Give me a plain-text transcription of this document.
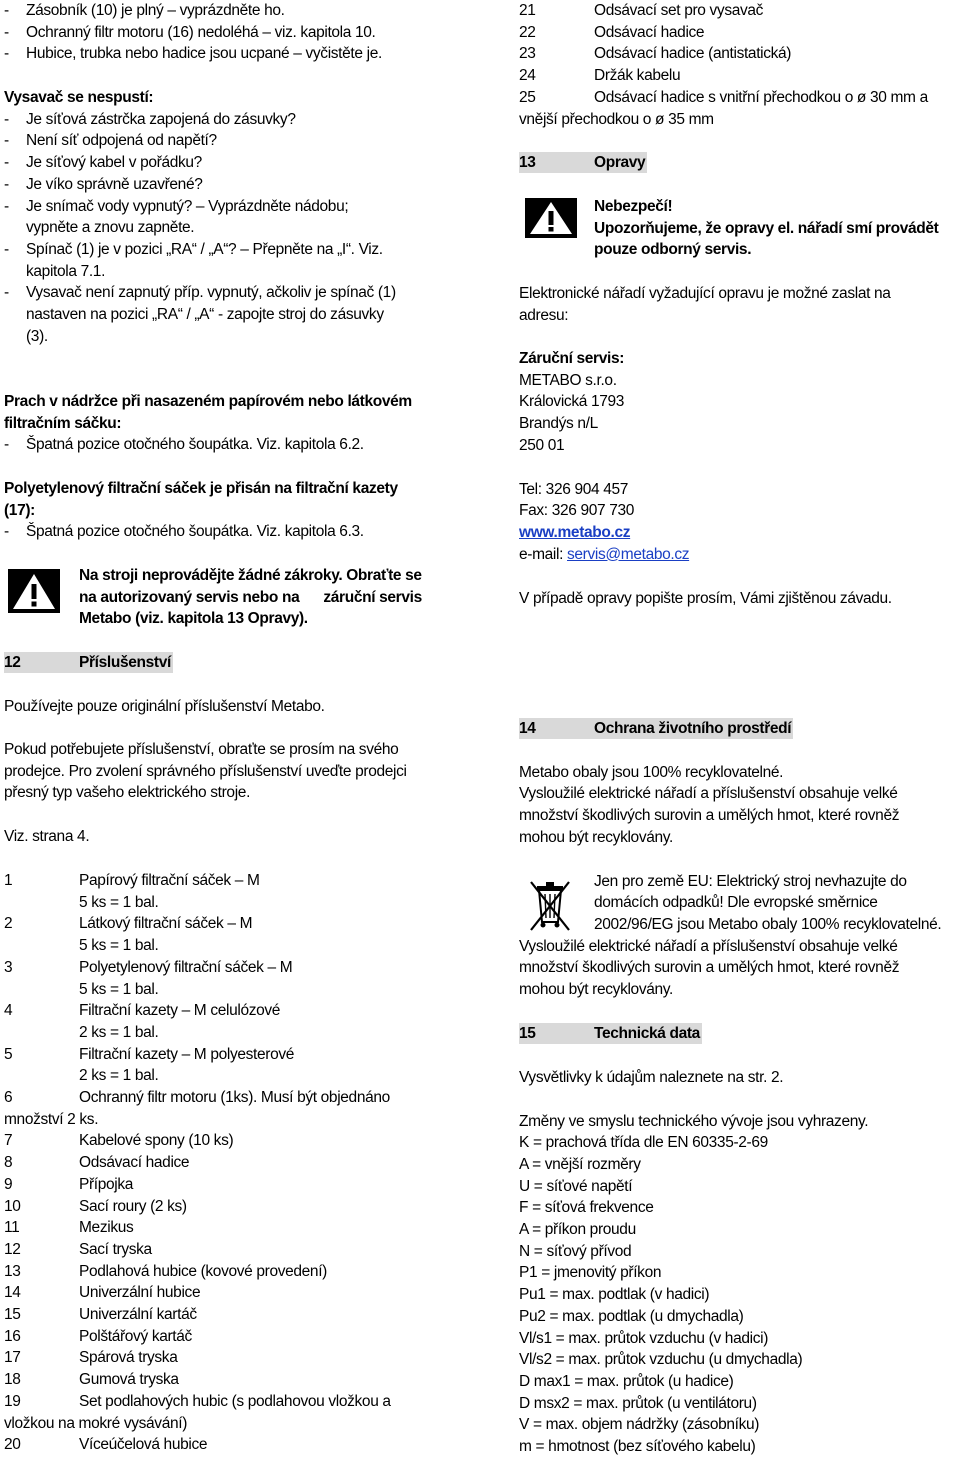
- Zásobník (10) je plný – vyprázdněte ho.
- Ochranný filtr motoru (16) nedoléhá – viz. kapitola 10.
- Hubice, trubka nebo hadice jsou ucpané – vyčistěte je.
Vysavač se nespustí:
- Je síťová zástrčka zapojená do zásuvky?
- Není síť odpojená od napětí?
- Je síťový kabel v pořádku?
- Je víko správně uzavřené?
- Je snímač vody vypnutý? – Vyprázdněte nádobu;
vypněte a znovu zapněte.
- Spínač (1) je v pozici „RA“ / „A“? – Přepněte na „I“. Viz.
kapitola 7.1.
- Vysavač není zapnutý příp. vypnutý, ačkoliv je spínač (1)
nastaven na pozici „RA“ / „A“ - zapojte stroj do zásuvky
(3).
Prach v nádržce při nasazeném papírovém nebo látkovém
filtračním sáčku:
- Špatná pozice otočného šoupátka. Viz. kapitola 6.2.
Polyetylenový filtrační sáček je přisán na filtrační kazety
(17):
- Špatná pozice otočného šoupátka. Viz. kapitola 6.3.
Na stroji neprovádějte žádné zákroky. Obraťte se
na autorizovaný servis nebo na záruční servis
Metabo (viz. kapitola 13 Opravy).
12	Příslušenství
Používejte pouze originální příslušenství Metabo.
Pokud potřebujete příslušenství, obraťte se prosím na svého
prodejce. Pro zvolení správného příslušenství uveďte prodejci
přesný typ vašeho elektrického stroje.
Viz. strana 4.
1	Papírový filtrační sáček – M
5 ks = 1 bal.
2	Látkový filtrační sáček – M
5 ks = 1 bal.
3	Polyetylenový filtrační sáček – M
5 ks = 1 bal.
4	Filtrační kazety – M celulózové
2 ks = 1 bal.
5	Filtrační kazety – M polyesterové
2 ks = 1 bal.
6	Ochranný filtr motoru (1ks). Musí být objednáno
množství 2 ks.
7	Kabelové spony (10 ks)
8	Odsávací hadice
9	Přípojka
10	Sací roury (2 ks)
11	Mezikus
12	Sací tryska
13	Podlahová hubice (kovové provedení)
14	Univerzální hubice
15	Univerzální kartáč
16	Polštářový kartáč
17	Spárová tryska
18	Gumová tryska
19	Set podlahových hubic (s podlahovou vložkou a
vložkou na mokré vysávání)
20	Víceúčelová hubice
21	Odsávací set pro vysavač
22	Odsávací hadice
23	Odsávací hadice (antistatická)
24	Držák kabelu
25	Odsávací hadice s vnitřní přechodkou o ø 30 mm a
vnější přechodkou o ø 35 mm
13	Opravy
Nebezpečí!
Upozorňujeme, že opravy el. nářadí smí provádět
pouze odborný servis.
Elektronické nářadí vyžadující opravu je možné zaslat na
adresu:
Záruční servis:
METABO s.r.o.
Královická 1793
Brandýs n/L
250 01
Tel: 326 904 457
Fax: 326 907 730
www.metabo.cz
e-mail: servis@metabo.cz
V případě opravy popište prosím, Vámi zjištěnou závadu.
14	Ochrana životního prostředí
Metabo obaly jsou 100% recyklovatelné.
Vysloužilé elektrické nářadí a příslušenství obsahuje velké
množství škodlivých surovin a umělých hmot, které rovněž
mohou být recyklovány.
Jen pro země EU: Elektrický stroj nevhazujte do
domácích odpadků! Dle evropské směrnice
2002/96/EG jsou Metabo obaly 100% recyklovatelné.
Vysloužilé elektrické nářadí a příslušenství obsahuje velké
množství škodlivých surovin a umělých hmot, které rovněž
mohou být recyklovány.
15	Technická data
Vysvětlivky k údajům naleznete na str. 2.
Změny ve smyslu technického vývoje jsou vyhrazeny.
K = prachová třída dle EN 60335-2-69
A = vnější rozměry
U = síťové napětí
F = síťová frekvence
A = příkon proudu
N = síťový přívod
P1 = jmenovitý příkon
Pu1 = max. podtlak (v hadici)
Pu2 = max. podtlak (u dmychadla)
Vl/s1 = max. průtok vzduchu (v hadici)
Vl/s2 = max. průtok vzduchu (u dmychadla)
D max1 = max. průtok (u hadice)
D msx2 = max. průtok (u ventilátoru)
V = max. objem nádržky (zásobníku)
m = hmotnost (bez síťového kabelu)
